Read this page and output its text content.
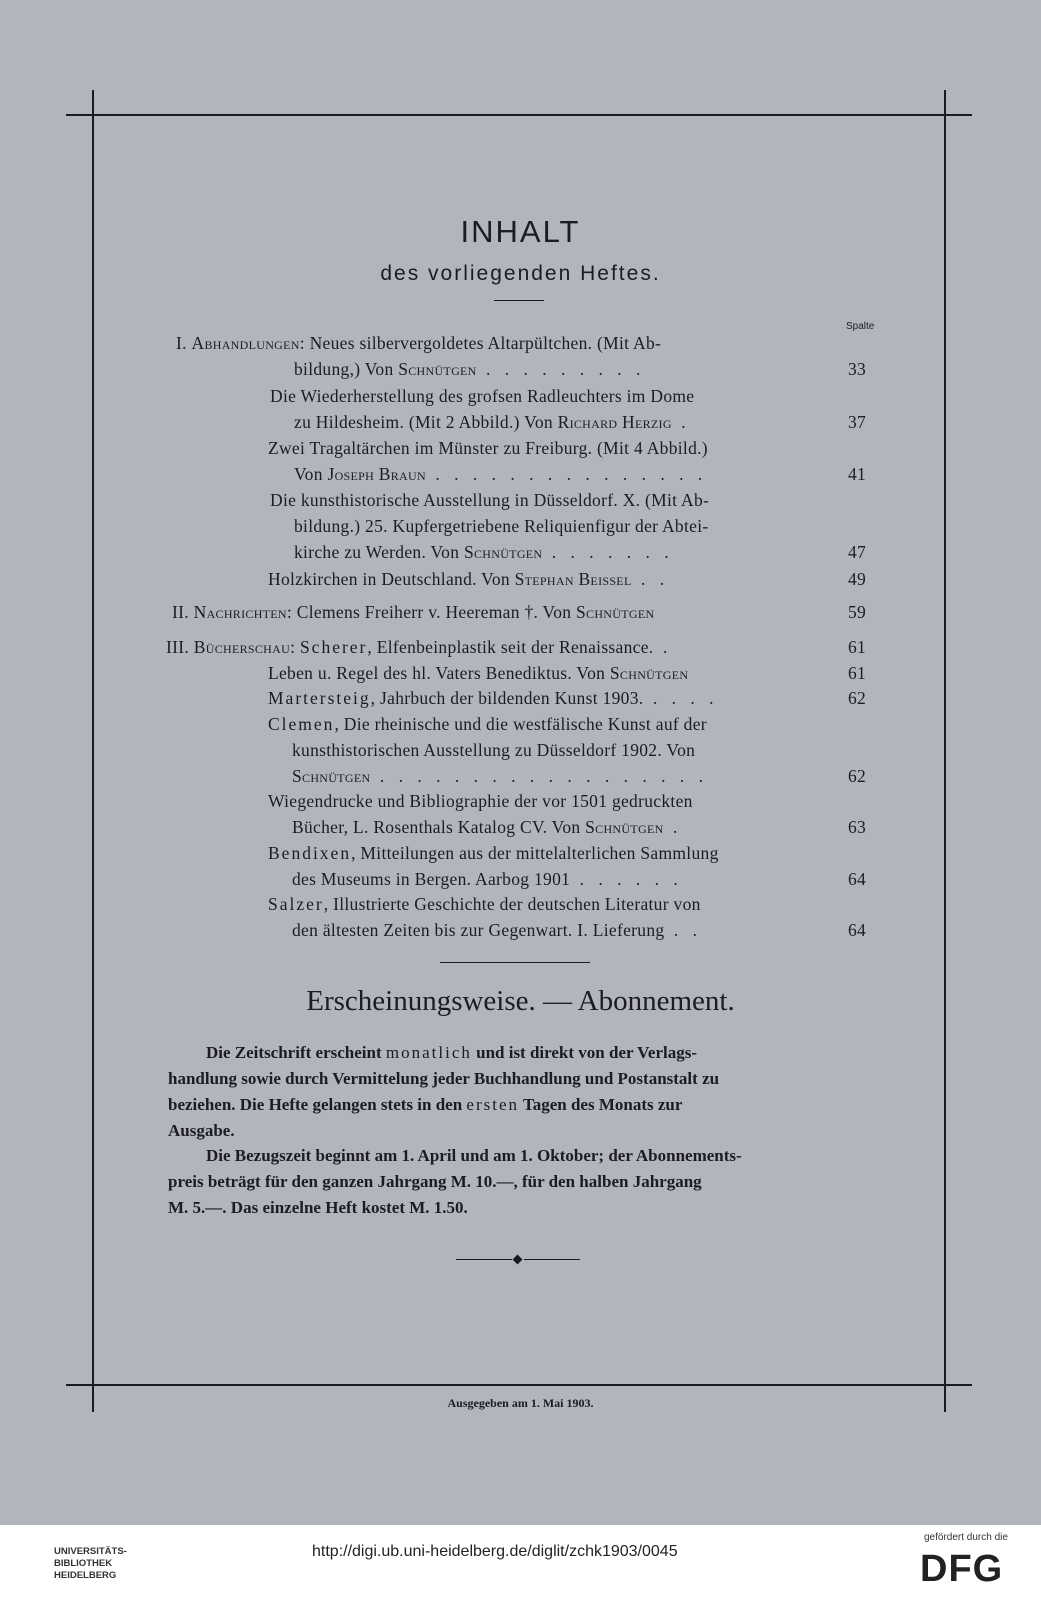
INHALT
des vorliegenden Heftes.
Spalte
I. Abhandlungen: Neues silbervergoldetes Altarpültchen. (Mit Ab-
bildung,) Von Schnütgen . . . . . . . . .	33
Die Wiederherstellung des grofsen Radleuchters im Dome
zu Hildesheim. (Mit 2 Abbild.) Von Richard Herzig .	37
Zwei Tragaltärchen im Münster zu Freiburg. (Mit 4 Abbild.)
Von Joseph Braun . . . . . . . . . . . . . . .	41
Die kunsthistorische Ausstellung in Düsseldorf. X. (Mit Ab-
bildung.) 25. Kupfergetriebene Reliquienfigur der Abtei-
kirche zu Werden. Von Schnütgen . . . . . . .	47
Holzkirchen in Deutschland. Von Stephan Beissel . .	49
II. Nachrichten: Clemens Freiherr v. Heereman †. Von Schnütgen	59
III. Bücherschau: Scherer, Elfenbeinplastik seit der Renaissance. .	61
Leben u. Regel des hl. Vaters Benediktus. Von Schnütgen	61
Martersteig, Jahrbuch der bildenden Kunst 1903. . . . .	62
Clemen, Die rheinische und die westfälische Kunst auf der
kunsthistorischen Ausstellung zu Düsseldorf 1902. Von
Schnütgen . . . . . . . . . . . . . . . . . .	62
Wiegendrucke und Bibliographie der vor 1501 gedruckten
Bücher, L. Rosenthals Katalog CV. Von Schnütgen .	63
Bendixen, Mitteilungen aus der mittelalterlichen Sammlung
des Museums in Bergen. Aarbog 1901 . . . . . .	64
Salzer, Illustrierte Geschichte der deutschen Literatur von
den ältesten Zeiten bis zur Gegenwart. I. Lieferung . .	64
Erscheinungsweise. — Abonnement.
Die Zeitschrift erscheint monatlich und ist direkt von der Verlags-
handlung sowie durch Vermittelung jeder Buchhandlung und Postanstalt zu
beziehen. Die Hefte gelangen stets in den ersten Tagen des Monats zur
Ausgabe.
Die Bezugszeit beginnt am 1. April und am 1. Oktober; der Abonnements-
preis beträgt für den ganzen Jahrgang M. 10.—, für den halben Jahrgang
M. 5.—. Das einzelne Heft kostet M. 1.50.
Ausgegeben am 1. Mai 1903.
UNIVERSITÄTS-
BIBLIOTHEK
HEIDELBERG
http://digi.ub.uni-heidelberg.de/diglit/zchk1903/0045
gefördert durch die
DFG
